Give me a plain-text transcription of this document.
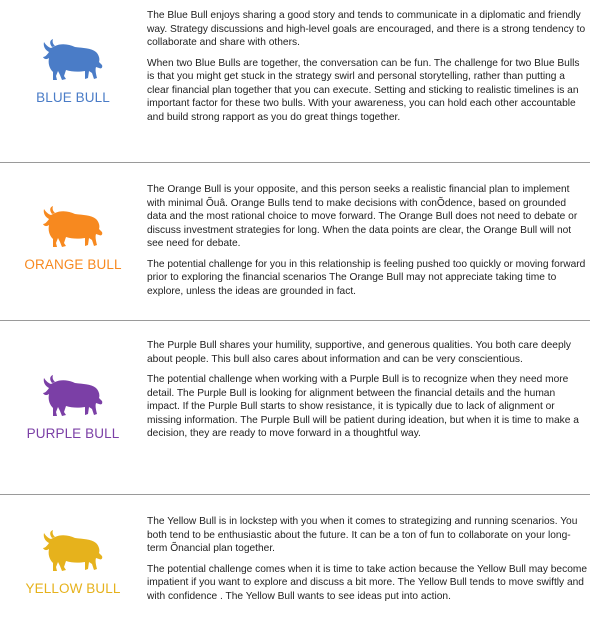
BLUE BULL

The Blue Bull enjoys sharing a good story and tends to communicate in a diplomatic and friendly way. Strategy discussions and high-level goals are encouraged, and there is a strong tendency to collaborate and share with others.

When two Blue Bulls are together, the conversation can be fun. The challenge for two Blue Bulls is that you might get stuck in the strategy swirl and personal storytelling, rather than putting a clear financial plan together that you can execute. Setting and sticking to realistic timelines is an important factor for these two bulls. With your awareness, you can hold each other accountable and build strong rapport as you do great things together.

ORANGE BULL

The Orange Bull is your opposite, and this person seeks a realistic financial plan to implement with minimal Õuâ. Orange Bulls tend to make decisions with conÕdence, based on grounded data and the most rational choice to move forward. The Orange Bull does not need to debate or discuss investment strategies for long. When the data points are clear, the Orange Bull will not see need for debate.

The potential challenge for you in this relationship is feeling pushed too quickly or moving forward prior to exploring the financial scenarios The Orange Bull may not appreciate taking time to explore, unless the ideas are grounded in fact.

PURPLE BULL

The Purple Bull shares your humility, supportive, and generous qualities. You both care deeply about people. This bull also cares about information and can be very conscientious.

The potential challenge when working with a Purple Bull is to recognize when they need more detail. The Purple Bull is looking for alignment between the financial details and the human impact. If the Purple Bull starts to show resistance, it is typically due to lack of alignment or missing information. The Purple Bull will be patient during ideation, but when it is time to make a decision, they are ready to move forward in a thoughtful way.

YELLOW BULL

The Yellow Bull is in lockstep with you when it comes to strategizing and running scenarios. You both tend to be enthusiastic about the future. It can be a ton of fun to collaborate on your long-term Õnancial plan together.

The potential challenge comes when it is time to take action because the Yellow Bull may become impatient if you want to explore and discuss a bit more. The Yellow Bull tends to move swiftly and with confidence . The Yellow Bull wants to see ideas put into action.
